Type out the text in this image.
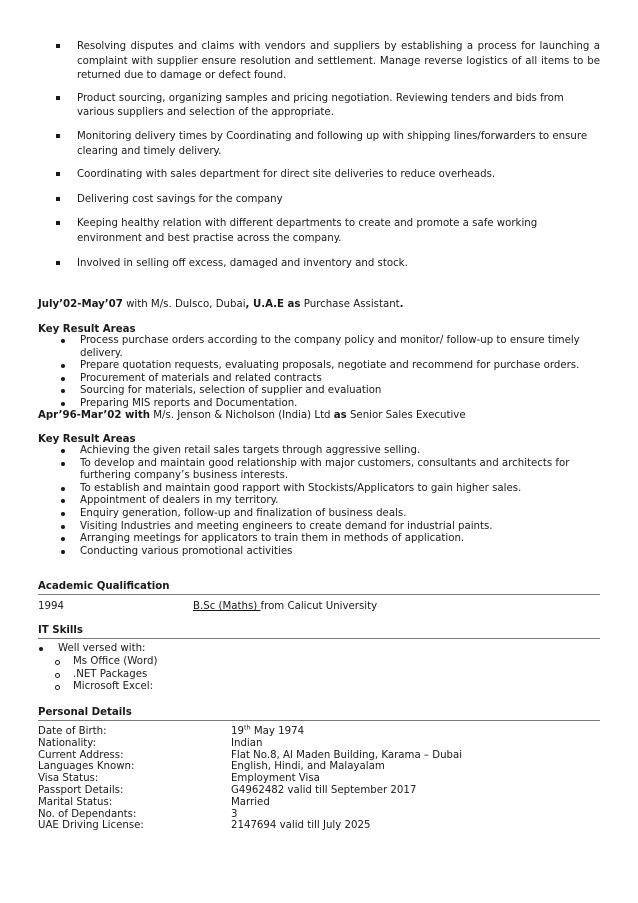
Resolving disputes and claims with vendors and suppliers by establishing a process for launching a complaint with supplier ensure resolution and settlement. Manage reverse logistics of all items to be returned due to damage or defect found.
Product sourcing, organizing samples and pricing negotiation. Reviewing tenders and bids from various suppliers and selection of the appropriate.
Monitoring delivery times by Coordinating and following up with shipping lines/forwarders to ensure clearing and timely delivery.
Coordinating with sales department for direct site deliveries to reduce overheads.
Delivering cost savings for the company
Keeping healthy relation with different departments to create and promote a safe working environment and best practise across the company.
Involved in selling off excess, damaged and inventory and stock.
July’02-May’07 with M/s. Dulsco, Dubai, U.A.E as Purchase Assistant.
Key Result Areas
Process purchase orders according to the company policy and monitor/ follow-up to ensure timely delivery.
Prepare quotation requests, evaluating proposals, negotiate and recommend for purchase orders.
Procurement of materials and related contracts
Sourcing for materials, selection of supplier and evaluation
Preparing MIS reports and Documentation.
Apr’96-Mar’02 with M/s. Jenson & Nicholson (India) Ltd as Senior Sales Executive
Key Result Areas
Achieving the given retail sales targets through aggressive selling.
To develop and maintain good relationship with major customers, consultants and architects for furthering company’s business interests.
To establish and maintain good rapport with Stockists/Applicators to gain higher sales.
Appointment of dealers in my territory.
Enquiry generation, follow-up and finalization of business deals.
Visiting Industries and meeting engineers to create demand for industrial paints.
Arranging meetings for applicators to train them in methods of application.
Conducting various promotional activities
Academic Qualification
1994	B.Sc (Maths) from Calicut University
IT Skills
Well versed with:
Ms Office (Word)
.NET Packages
Microsoft Excel:
Personal Details
Date of Birth:	19th May 1974
Nationality:	Indian
Current Address:	Flat No.8, Al Maden Building, Karama – Dubai
Languages Known:	English, Hindi, and Malayalam
Visa Status:	Employment Visa
Passport Details:	G4962482 valid till September 2017
Marital Status:	Married
No. of Dependants:	3
UAE Driving License:	2147694 valid till July 2025
